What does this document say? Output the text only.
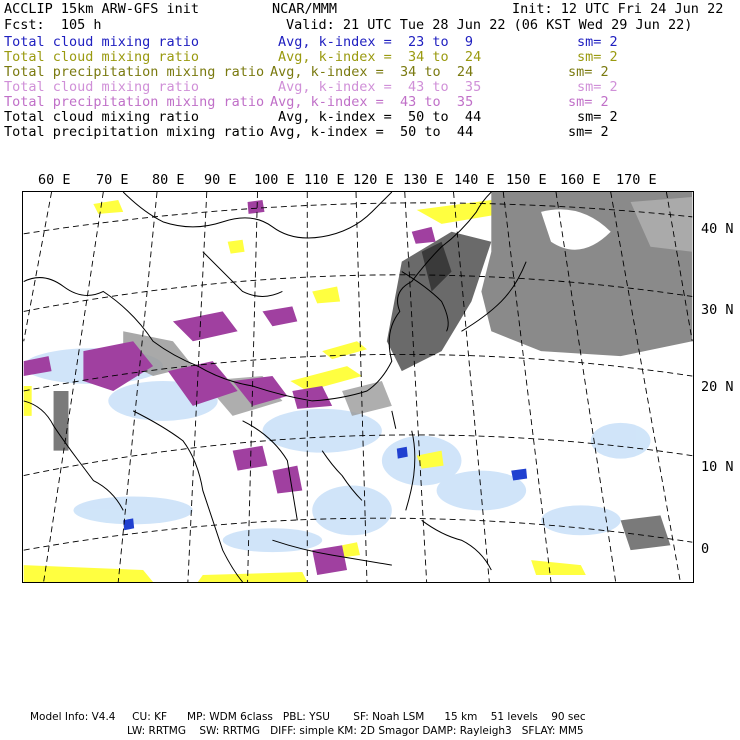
ACCLIP 15km ARW-GFS init	NCAR/MMM	Init: 12 UTC Fri 24 Jun 22
Fcst:  105 h	Valid: 21 UTC Tue 28 Jun 22 (06 KST Wed 29 Jun 22)
Total cloud mixing ratio	Avg, k-index =  23 to  9	sm= 2
Total cloud mixing ratio	Avg, k-index =  34 to  24	sm= 2
Total precipitation mixing ratio Avg, k-index =  34 to  24	sm= 2
Total cloud mixing ratio	Avg, k-index =  43 to  35	sm= 2
Total precipitation mixing ratio Avg, k-index =  43 to  35	sm= 2
Total cloud mixing ratio	Avg, k-index =  50 to  44	sm= 2
Total precipitation mixing ratio Avg, k-index =  50 to  44	sm= 2
60 E 70 E 80 E 90 E 100 E 110 E 120 E 130 E 140 E 150 E 160 E 170 E
40 N
30 N
20 N
10 N
0
Model Info: V4.4     CU: KF      MP: WDM 6class   PBL: YSU       SF: Noah LSM      15 km    51 levels    90 sec
LW: RRTMG    SW: RRTMG   DIFF: simple KM: 2D Smagor DAMP: Rayleigh3   SFLAY: MM5
